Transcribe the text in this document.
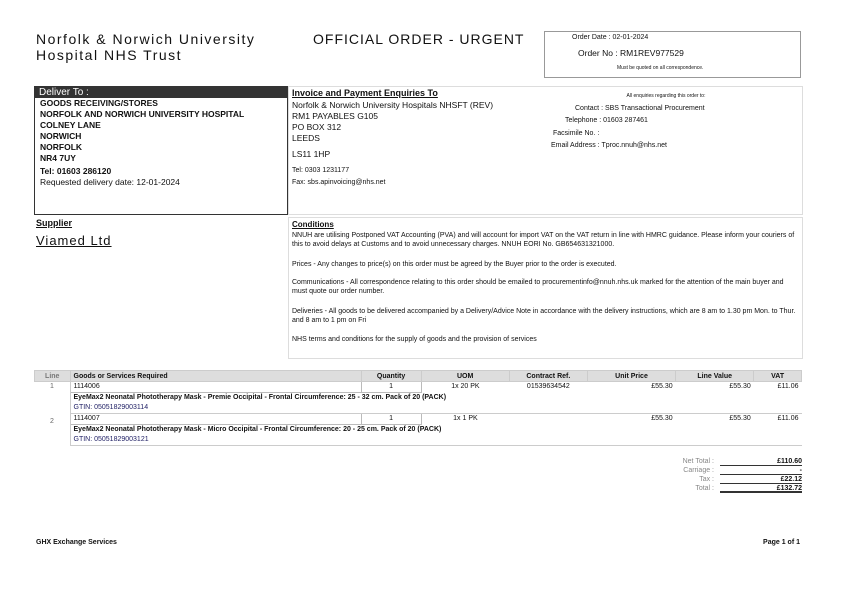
Norfolk & Norwich University
Hospital NHS Trust
OFFICIAL ORDER - URGENT	Order Date : 02-01-2024
Order No : RM1REV977529
Must be quoted on all correspondence.
Deliver To :
GOODS RECEIVING/STORES
NORFOLK AND NORWICH UNIVERSITY HOSPITAL
COLNEY LANE
NORWICH
NORFOLK
NR4 7UY
Tel: 01603 286120
Requested delivery date: 12-01-2024
Invoice and Payment Enquiries To
Norfolk & Norwich University Hospitals NHSFT (REV)
RM1 PAYABLES G105
PO BOX 312
LEEDS
LS11 1HP
Tel: 0303 1231177
Fax: sbs.apinvoicing@nhs.net
All enquiries regarding this order to:
Contact : SBS Transactional Procurement
Telephone : 01603 287461
Facsimile No. :
Email Address : Tproc.nnuh@nhs.net
Supplier
Viamed Ltd
Conditions
NNUH are utilising Postponed VAT Accounting (PVA) and will account for import VAT on the VAT return in line with HMRC guidance. Please inform your couriers of this to avoid delays at Customs and to avoid unnecessary charges. NNUH EORI No. GB654631321000.
Prices - Any changes to price(s) on this order must be agreed by the Buyer prior to the order is executed.
Communications - All correspondence relating to this order should be emailed to procurementinfo@nnuh.nhs.uk marked for the attention of the main buyer and must quote our order number.
Deliveries - All goods to be delivered accompanied by a Delivery/Advice Note in accordance with the delivery instructions, which are 8 am to 1.30 pm Mon. to Thur. and 8 am to 1 pm on Fri
NHS terms and conditions for the supply of goods and the provision of services
Line	Goods or Services Required	Quantity	UOM	Contract Ref.	Unit Price	Line Value	VAT
1	1114006	1	1x 20 PK	01539634542	£55.30	£55.30	£11.06
	EyeMax2 Neonatal Phototherapy Mask - Premie Occipital - Frontal Circumference: 25 - 32 cm. Pack of 20 (PACK)						
	GTIN: 05051829003114						
2	1114007	1	1x 1 PK		£55.30	£55.30	£11.06
	EyeMax2 Neonatal Phototherapy Mask - Micro Occipital - Frontal Circumference: 20 - 25 cm. Pack of 20 (PACK)						
	GTIN: 05051829003121						
Net Total :	£110.60
Carriage :	-
Tax :	£22.12
Total :	£132.72
GHX Exchange Services	Page 1 of 1
